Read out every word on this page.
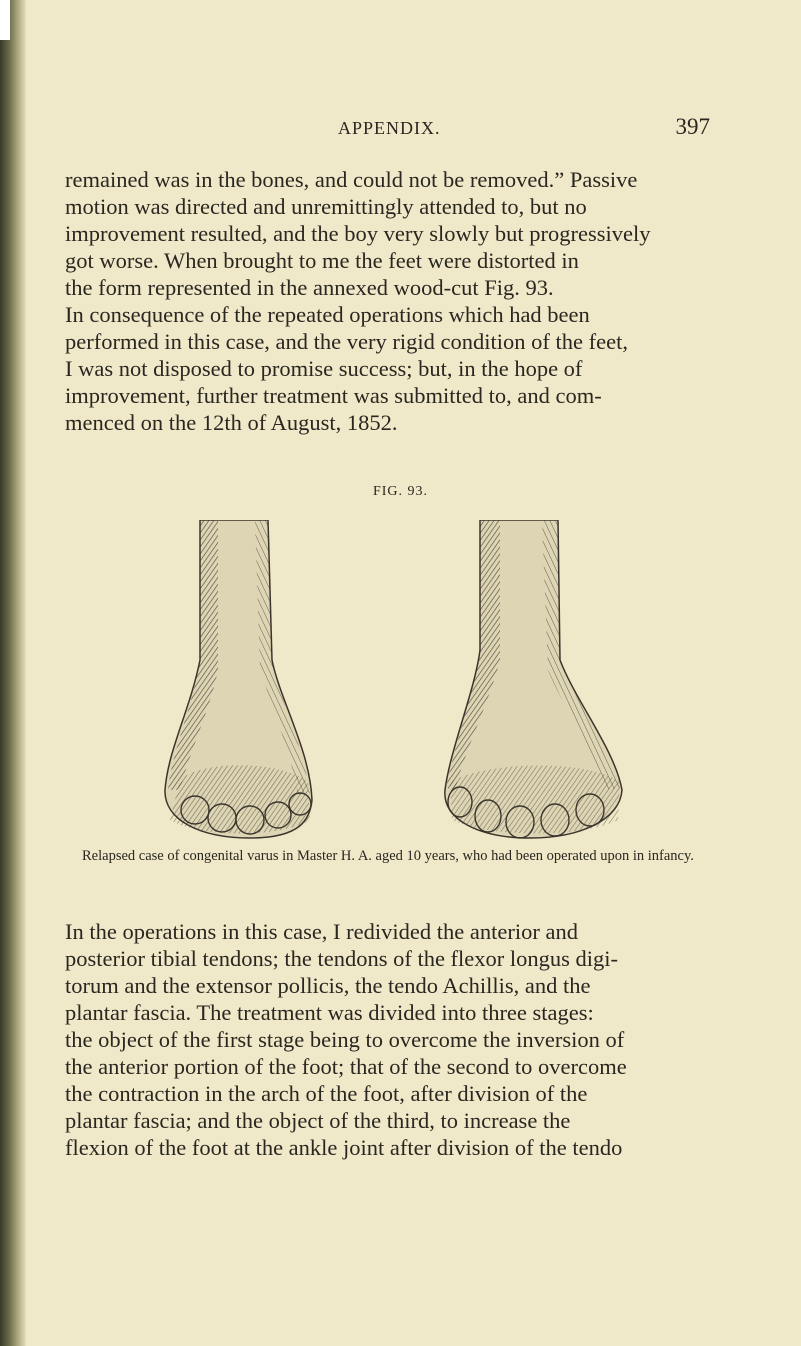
APPENDIX.	397

remained was in the bones, and could not be removed.” Passive
motion was directed and unremittingly attended to, but no
improvement resulted, and the boy very slowly but progressively
got worse. When brought to me the feet were distorted in
the form represented in the annexed wood-cut Fig. 93.

In consequence of the repeated operations which had been
performed in this case, and the very rigid condition of the feet,
I was not disposed to promise success; but, in the hope of
improvement, further treatment was submitted to, and com-
menced on the 12th of August, 1852.

FIG. 93.

Relapsed case of congenital varus in Master H. A. aged 10 years, who had been operated upon in infancy.

In the operations in this case, I redivided the anterior and
posterior tibial tendons; the tendons of the flexor longus digi-
torum and the extensor pollicis, the tendo Achillis, and the
plantar fascia. The treatment was divided into three stages:
the object of the first stage being to overcome the inversion of
the anterior portion of the foot; that of the second to overcome
the contraction in the arch of the foot, after division of the
plantar fascia; and the object of the third, to increase the
flexion of the foot at the ankle joint after division of the tendo
